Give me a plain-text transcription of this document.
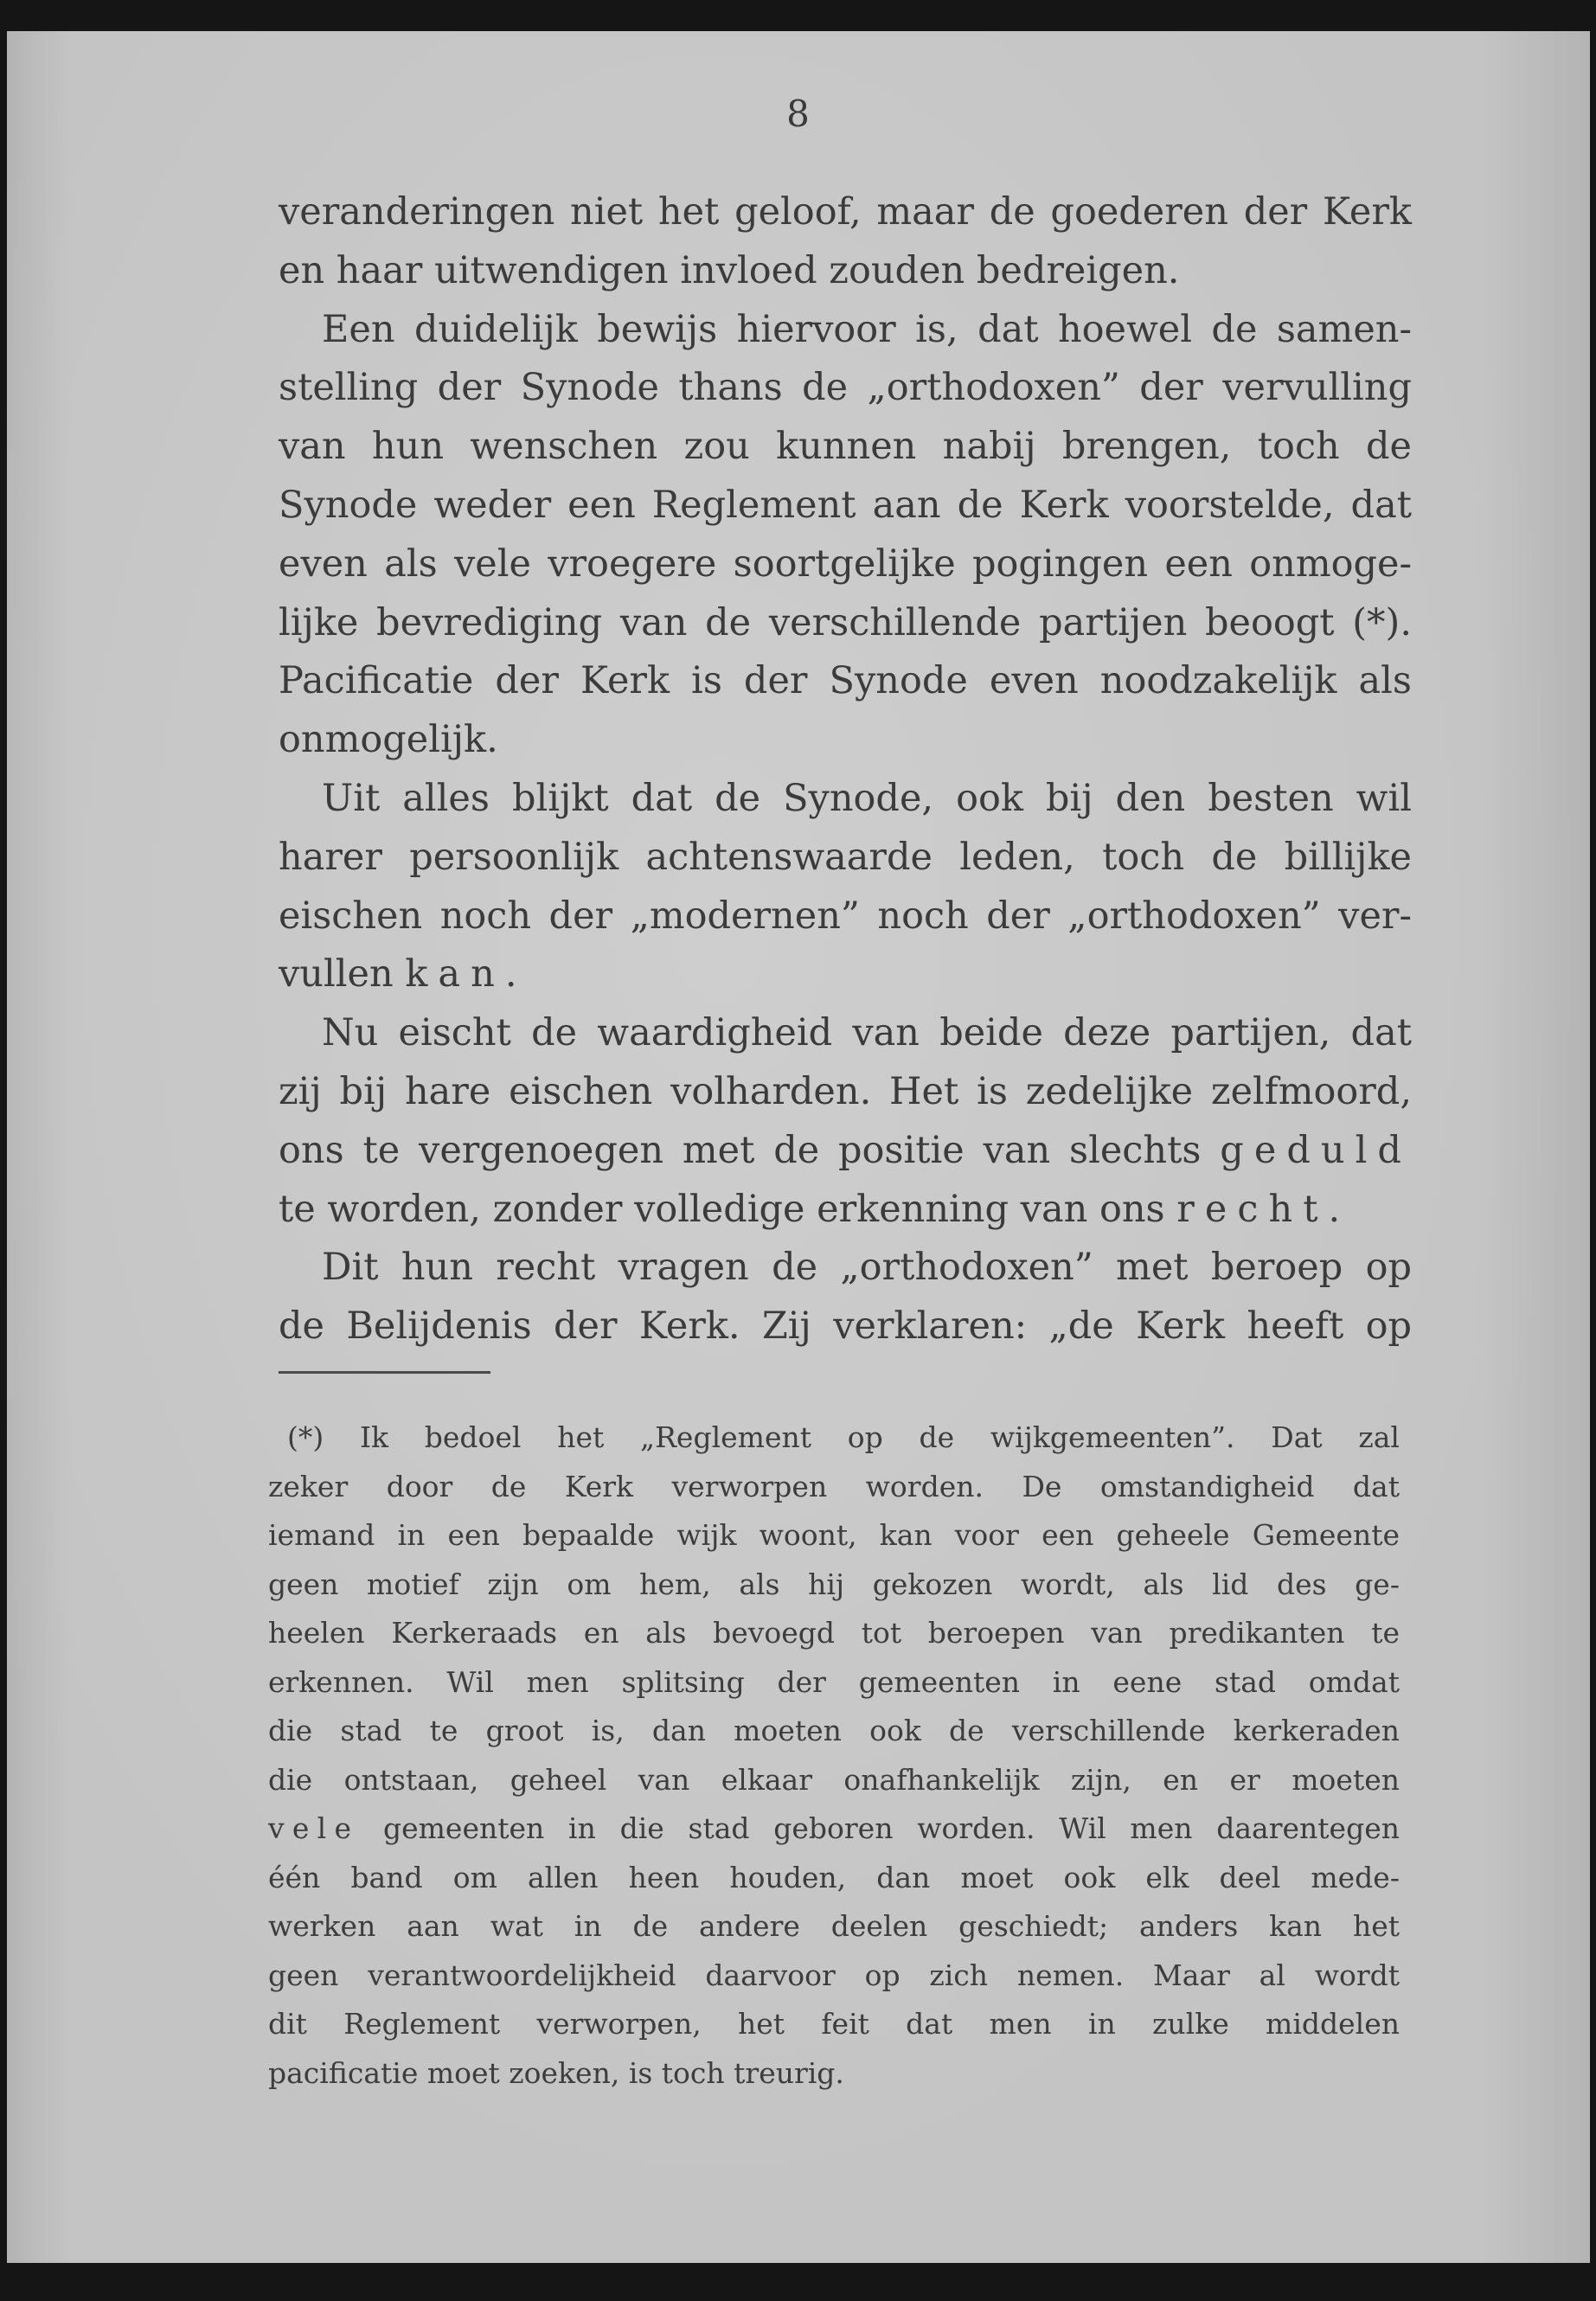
8
veranderingen niet het geloof, maar de goederen der Kerk
en haar uitwendigen invloed zouden bedreigen.
Een duidelijk bewijs hiervoor is, dat hoewel de samen-
stelling der Synode thans de „orthodoxen” der vervulling
van hun wenschen zou kunnen nabij brengen, toch de
Synode weder een Reglement aan de Kerk voorstelde, dat
even als vele vroegere soortgelijke pogingen een onmoge-
lijke bevrediging van de verschillende partijen beoogt (*).
Pacificatie der Kerk is der Synode even noodzakelijk als
onmogelijk.
Uit alles blijkt dat de Synode, ook bij den besten wil
harer persoonlijk achtenswaarde leden, toch de billijke
eischen noch der „modernen” noch der „orthodoxen” ver-
vullen kan.
Nu eischt de waardigheid van beide deze partijen, dat
zij bij hare eischen volharden. Het is zedelijke zelfmoord,
ons te vergenoegen met de positie van slechts geduld
te worden, zonder volledige erkenning van ons recht.
Dit hun recht vragen de „orthodoxen” met beroep op
de Belijdenis der Kerk. Zij verklaren: „de Kerk heeft op
(*) Ik bedoel het „Reglement op de wijkgemeenten”. Dat zal
zeker door de Kerk verworpen worden. De omstandigheid dat
iemand in een bepaalde wijk woont, kan voor een geheele Gemeente
geen motief zijn om hem, als hij gekozen wordt, als lid des ge-
heelen Kerkeraads en als bevoegd tot beroepen van predikanten te
erkennen. Wil men splitsing der gemeenten in eene stad omdat
die stad te groot is, dan moeten ook de verschillende kerkeraden
die ontstaan, geheel van elkaar onafhankelijk zijn, en er moeten
vele gemeenten in die stad geboren worden. Wil men daarentegen
één band om allen heen houden, dan moet ook elk deel mede-
werken aan wat in de andere deelen geschiedt; anders kan het
geen verantwoordelijkheid daarvoor op zich nemen. Maar al wordt
dit Reglement verworpen, het feit dat men in zulke middelen
pacificatie moet zoeken, is toch treurig.
